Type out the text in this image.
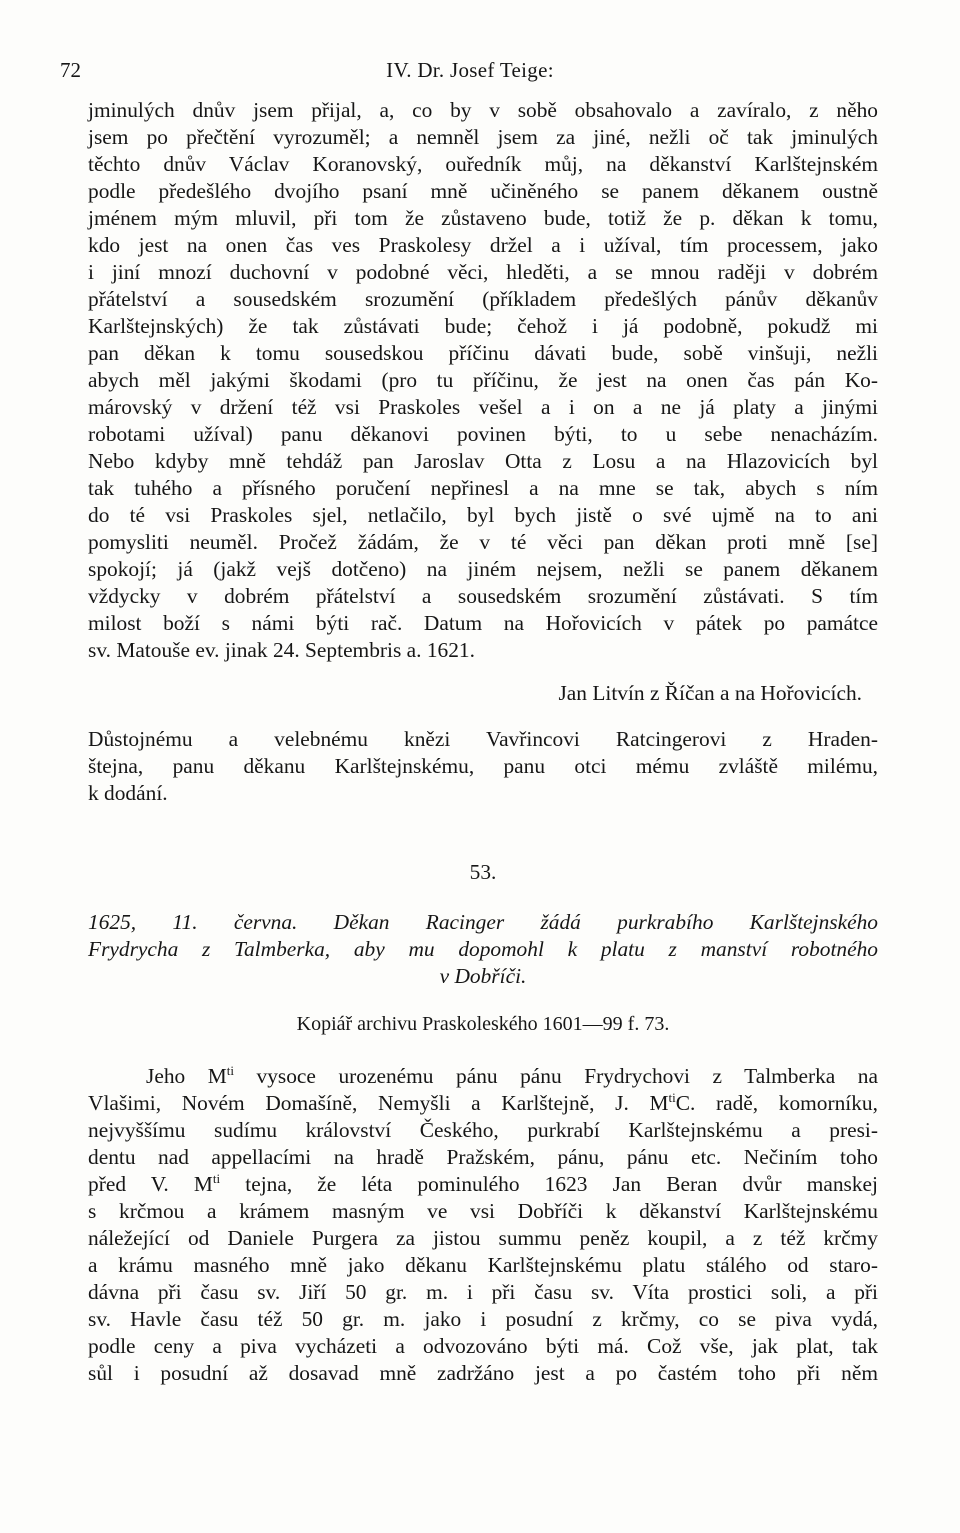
72	IV. Dr. Josef Teige:
jminulých dnův jsem přijal, a, co by v sobě obsahovalo a zavíralo, z něho
jsem po přečtění vyrozuměl; a nemněl jsem za jiné, nežli oč tak jminulých
těchto dnův Václav Koranovský, ouředník můj, na děkanství Karlštejnském
podle předešlého dvojího psaní mně učiněného se panem děkanem oustně
jménem mým mluvil, při tom že zůstaveno bude, totiž že p. děkan k tomu,
kdo jest na onen čas ves Praskolesy držel a i užíval, tím processem, jako
i jiní mnozí duchovní v podobné věci, hleděti, a se mnou raději v dobrém
přátelství a sousedském srozumění (příkladem předešlých pánův děkanův
Karlštejnských) že tak zůstávati bude; čehož i já podobně, pokudž mi
pan děkan k tomu sousedskou příčinu dávati bude, sobě vinšuji, nežli
abych měl jakými škodami (pro tu příčinu, že jest na onen čas pán Ko-
márovský v držení též vsi Praskoles vešel a i on a ne já platy a jinými
robotami užíval) panu děkanovi povinen býti, to u sebe nenacházím.
Nebo kdyby mně tehdáž pan Jaroslav Otta z Losu a na Hlazovicích byl
tak tuhého a přísného poručení nepřinesl a na mne se tak, abych s ním
do té vsi Praskoles sjel, netlačilo, byl bych jistě o své ujmě na to ani
pomysliti neuměl. Pročež žádám, že v té věci pan děkan proti mně [se]
spokojí; já (jakž vejš dotčeno) na jiném nejsem, nežli se panem děkanem
vždycky v dobrém přátelství a sousedském srozumění zůstávati. S tím
milost boží s námi býti rač. Datum na Hořovicích v pátek po památce
sv. Matouše ev. jinak 24. Septembris a. 1621.
Jan Litvín z Říčan a na Hořovicích.
Důstojnému a velebnému knězi Vavřincovi Ratcingerovi z Hraden-
štejna, panu děkanu Karlštejnskému, panu otci mému zvláště milému,
k dodání.
53.
1625, 11. června. Děkan Racinger žádá purkrabího Karlštejnského
Frydrycha z Talmberka, aby mu dopomohl k platu z manství robotného
v Dobříči.
Kopiář archivu Praskoleského 1601—99 f. 73.
Jeho $M^{ti}$ vysoce urozenému pánu pánu Frydrychovi z Talmberka na
Vlašimi, Novém Domašíně, Nemyšli a Karlštejně, J. $M^{ti}C$. radě, komorníku,
nejvyššímu sudímu království Českého, purkrabí Karlštejnskému a presi-
dentu nad appellacími na hradě Pražském, pánu, pánu etc. Nečiním toho
před V. $M^{ti}$ tejna, že léta pominulého 1623 Jan Beran dvůr manskej
s krčmou a krámem masným ve vsi Dobříči k děkanství Karlštejnskému
náležející od Daniele Purgera za jistou summu peněz koupil, a z též krčmy
a krámu masného mně jako děkanu Karlštejnskému platu stálého od staro-
dávna při času sv. Jiří 50 gr. m. i při času sv. Víta prostici soli, a při
sv. Havle času též 50 gr. m. jako i posudní z krčmy, co se piva vydá,
podle ceny a piva vycházeti a odvozováno býti má. Což vše, jak plat, tak
sůl i posudní až dosavad mně zadržáno jest a po častém toho při něm
